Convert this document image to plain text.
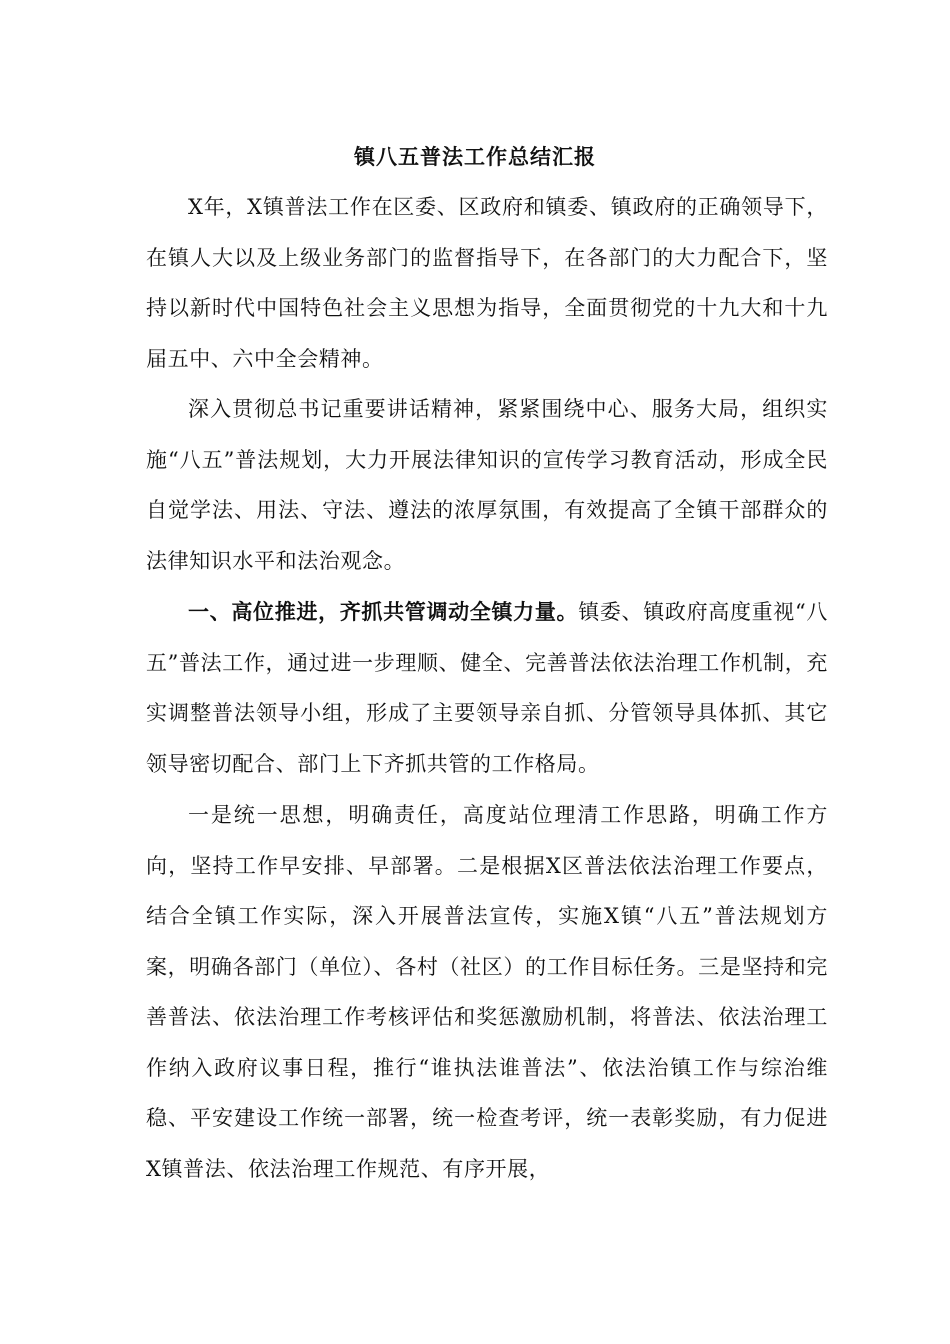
镇八五普法工作总结汇报

X年，X镇普法工作在区委、区政府和镇委、镇政府的正确领导下，在镇人大以及上级业务部门的监督指导下，在各部门的大力配合下，坚持以新时代中国特色社会主义思想为指导，全面贯彻党的十九大和十九届五中、六中全会精神。

深入贯彻总书记重要讲话精神，紧紧围绕中心、服务大局，组织实施“八五”普法规划，大力开展法律知识的宣传学习教育活动，形成全民自觉学法、用法、守法、遵法的浓厚氛围，有效提高了全镇干部群众的法律知识水平和法治观念。

一、高位推进，齐抓共管调动全镇力量。镇委、镇政府高度重视“八五”普法工作，通过进一步理顺、健全、完善普法依法治理工作机制，充实调整普法领导小组，形成了主要领导亲自抓、分管领导具体抓、其它领导密切配合、部门上下齐抓共管的工作格局。

一是统一思想，明确责任，高度站位理清工作思路，明确工作方向，坚持工作早安排、早部署。二是根据X区普法依法治理工作要点，结合全镇工作实际，深入开展普法宣传，实施X镇“八五”普法规划方案，明确各部门（单位）、各村（社区）的工作目标任务。三是坚持和完善普法、依法治理工作考核评估和奖惩激励机制，将普法、依法治理工作纳入政府议事日程，推行“谁执法谁普法”、依法治镇工作与综治维稳、平安建设工作统一部署，统一检查考评，统一表彰奖励，有力促进X镇普法、依法治理工作规范、有序开展，
